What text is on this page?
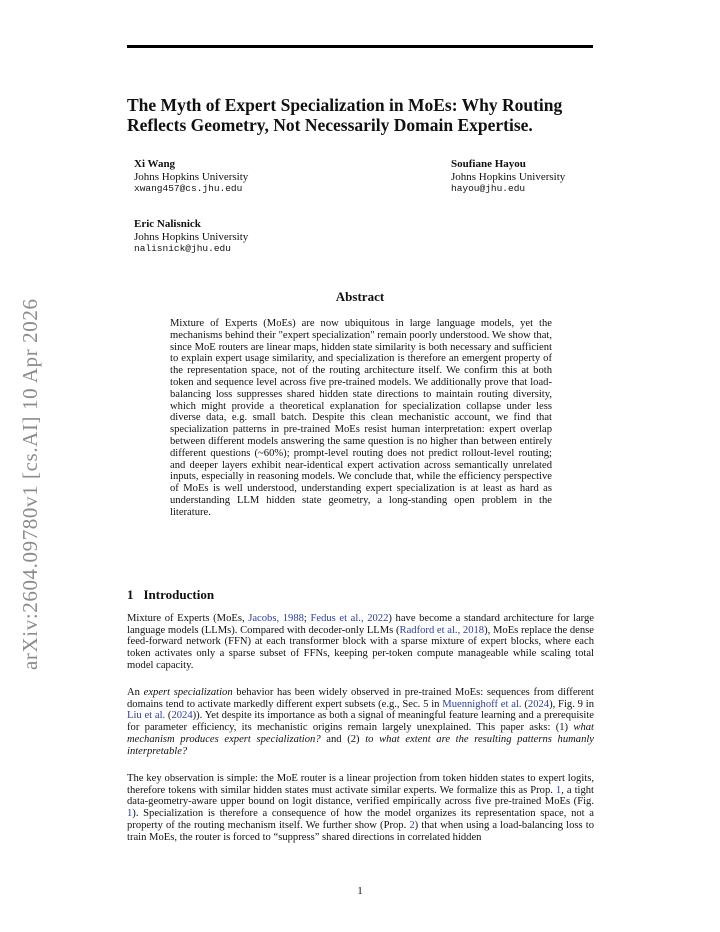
arXiv:2604.09780v1 [cs.AI] 10 Apr 2026
The Myth of Expert Specialization in MoEs: Why Routing Reflects Geometry, Not Necessarily Domain Expertise.
Xi Wang
Johns Hopkins University
xwang457@cs.jhu.edu
Soufiane Hayou
Johns Hopkins University
hayou@jhu.edu
Eric Nalisnick
Johns Hopkins University
nalisnick@jhu.edu
Abstract
Mixture of Experts (MoEs) are now ubiquitous in large language models, yet the mechanisms behind their "expert specialization" remain poorly understood. We show that, since MoE routers are linear maps, hidden state similarity is both necessary and sufficient to explain expert usage similarity, and specialization is therefore an emergent property of the representation space, not of the routing architecture itself. We confirm this at both token and sequence level across five pre-trained models. We additionally prove that load-balancing loss suppresses shared hidden state directions to maintain routing diversity, which might provide a theoretical explanation for specialization collapse under less diverse data, e.g. small batch. Despite this clean mechanistic account, we find that specialization patterns in pre-trained MoEs resist human interpretation: expert overlap between different models answering the same question is no higher than between entirely different questions (~60%); prompt-level routing does not predict rollout-level routing; and deeper layers exhibit near-identical expert activation across semantically unrelated inputs, especially in reasoning models. We conclude that, while the efficiency perspective of MoEs is well understood, understanding expert specialization is at least as hard as understanding LLM hidden state geometry, a long-standing open problem in the literature.
1 Introduction
Mixture of Experts (MoEs, Jacobs, 1988; Fedus et al., 2022) have become a standard architecture for large language models (LLMs). Compared with decoder-only LLMs (Radford et al., 2018), MoEs replace the dense feed-forward network (FFN) at each transformer block with a sparse mixture of expert blocks, where each token activates only a sparse subset of FFNs, keeping per-token compute manageable while scaling total model capacity.
An expert specialization behavior has been widely observed in pre-trained MoEs: sequences from different domains tend to activate markedly different expert subsets (e.g., Sec. 5 in Muennighoff et al. (2024), Fig. 9 in Liu et al. (2024)). Yet despite its importance as both a signal of meaningful feature learning and a prerequisite for parameter efficiency, its mechanistic origins remain largely unexplained. This paper asks: (1) what mechanism produces expert specialization? and (2) to what extent are the resulting patterns humanly interpretable?
The key observation is simple: the MoE router is a linear projection from token hidden states to expert logits, therefore tokens with similar hidden states must activate similar experts. We formalize this as Prop. 1, a tight data-geometry-aware upper bound on logit distance, verified empirically across five pre-trained MoEs (Fig. 1). Specialization is therefore a consequence of how the model organizes its representation space, not a property of the routing mechanism itself. We further show (Prop. 2) that when using a load-balancing loss to train MoEs, the router is forced to “suppress” shared directions in correlated hidden
1
